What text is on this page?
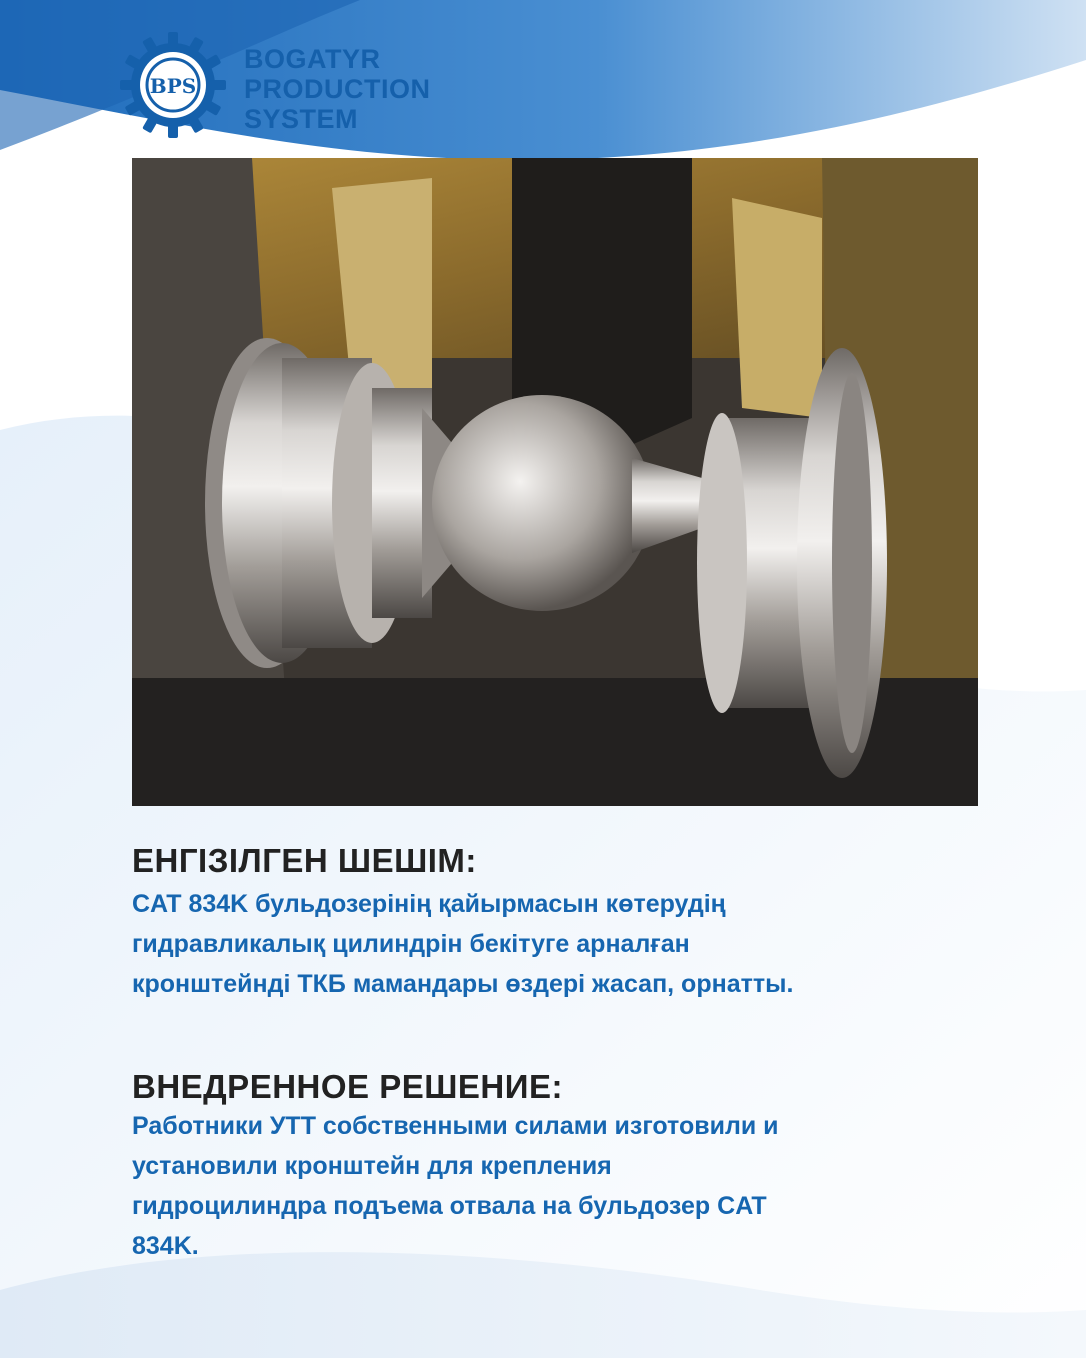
BPS
BOGATYR
PRODUCTION
SYSTEM
ЕНГІЗІЛГЕН ШЕШІМ:
CAT 834K бульдозерінің қайырмасын көтерудің
гидравликалық цилиндрін бекітуге арналған
кронштейнді ТКБ мамандары өздері жасап, орнатты.
ВНЕДРЕННОЕ РЕШЕНИЕ:
Работники УТТ собственными силами изготовили и
установили кронштейн для крепления
гидроцилиндра подъема отвала на бульдозер CAT
834K.
